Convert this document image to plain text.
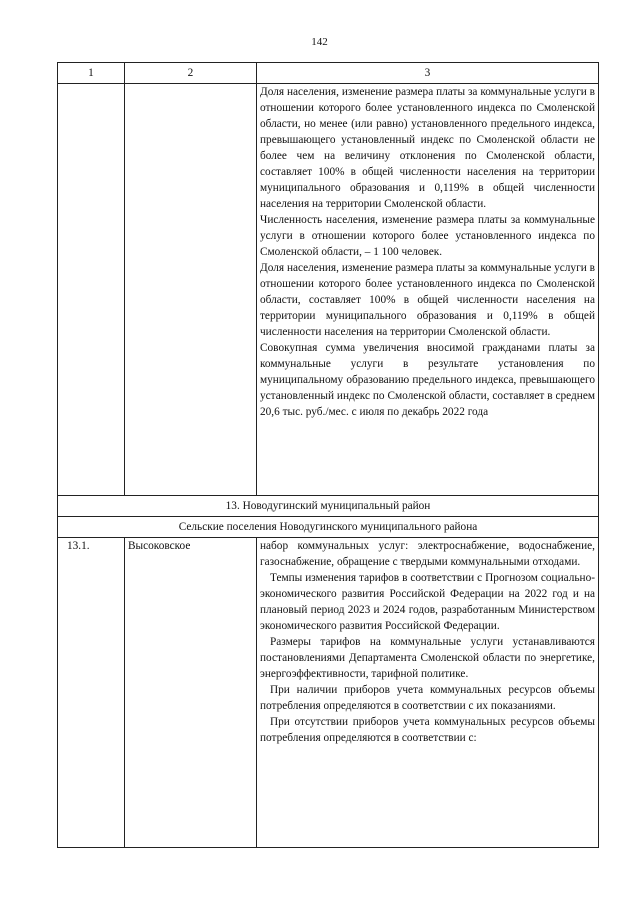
142
1	2	3

		Доля населения, изменение размера платы за коммунальные услуги в отношении которого более установленного индекса по Смоленской области, но менее (или равно) установленного предельного индекса, превышающего установленный индекс по Смоленской области не более чем на величину отклонения по Смоленской области, составляет 100% в общей численности населения на территории муниципального образования и 0,119% в общей численности населения на территории Смоленской области.

Численность населения, изменение размера платы за коммунальные услуги в отношении которого более установленного индекса по Смоленской области, – 1 100 человек.

Доля населения, изменение размера платы за коммунальные услуги в отношении которого более установленного индекса по Смоленской области, составляет 100% в общей численности населения на территории муниципального образования и 0,119% в общей численности населения на территории Смоленской области.

Совокупная сумма увеличения вносимой гражданами платы за коммунальные услуги в результате установления по муниципальному образованию предельного индекса, превышающего установленный индекс по Смоленской области, составляет в среднем 20,6 тыс. руб./мес. с июля по декабрь 2022 года

13. Новодугинский муниципальный район		
Сельские поселения Новодугинского муниципального района		
13.1.	Высоковское	набор коммунальных услуг: электроснабжение, водоснабжение, газоснабжение, обращение с твердыми коммунальными отходами.

Темпы изменения тарифов в соответствии с Прогнозом социально-экономического развития Российской Федерации на 2022 год и на плановый период 2023 и 2024 годов, разработанным Министерством экономического развития Российской Федерации.

Размеры тарифов на коммунальные услуги устанавливаются постановлениями Департамента Смоленской области по энергетике, энергоэффективности, тарифной политике.

При наличии приборов учета коммунальных ресурсов объемы потребления определяются в соответствии с их показаниями.

При отсутствии приборов учета коммунальных ресурсов объемы потребления определяются в соответствии с:
